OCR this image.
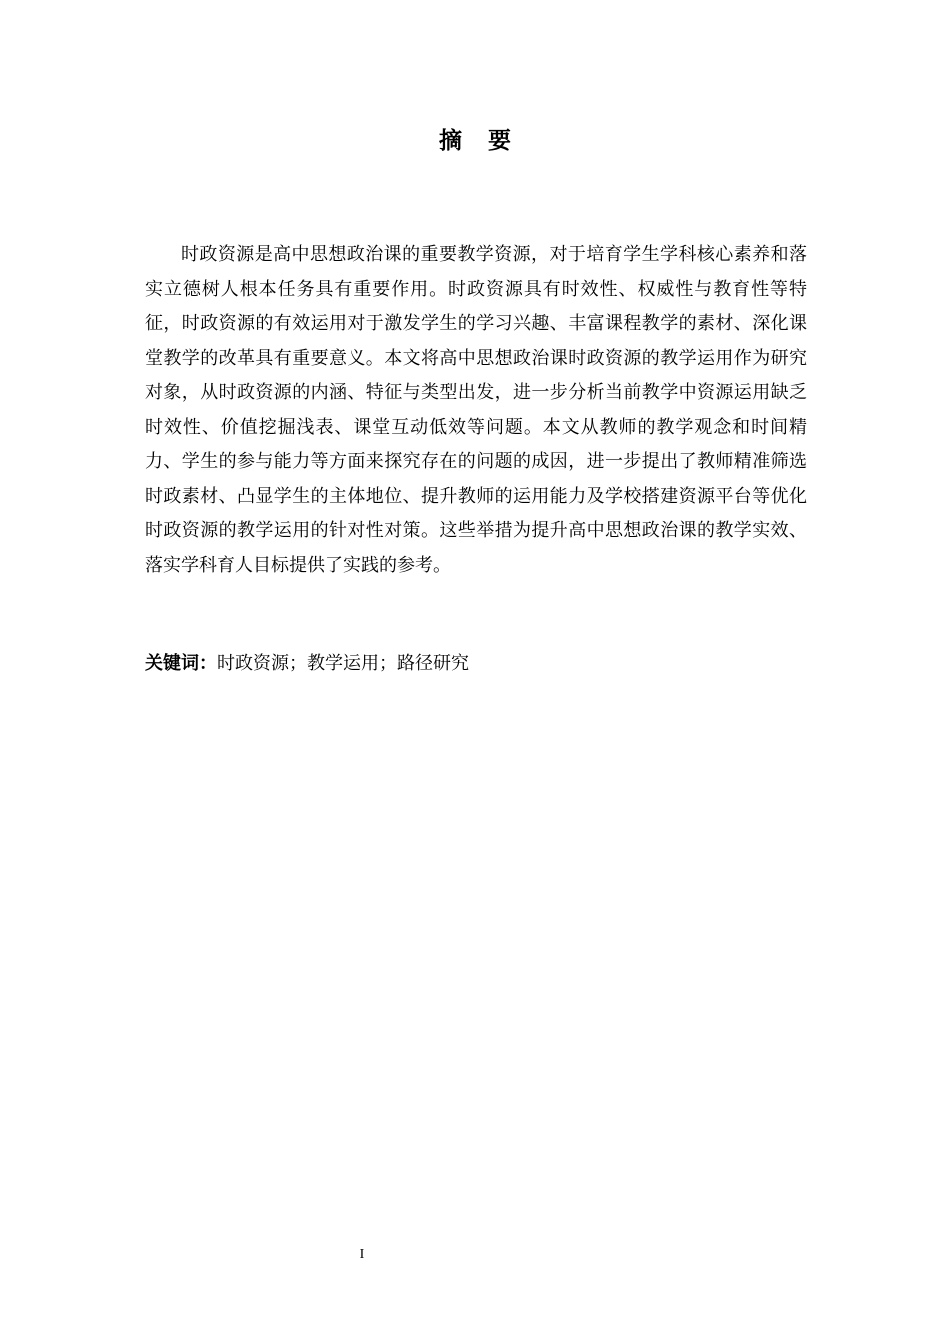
摘要

时政资源是高中思想政治课的重要教学资源，对于培育学生学科核心素养和落实立德树人根本任务具有重要作用。时政资源具有时效性、权威性与教育性等特征，时政资源的有效运用对于激发学生的学习兴趣、丰富课程教学的素材、深化课堂教学的改革具有重要意义。本文将高中思想政治课时政资源的教学运用作为研究对象，从时政资源的内涵、特征与类型出发，进一步分析当前教学中资源运用缺乏时效性、价值挖掘浅表、课堂互动低效等问题。本文从教师的教学观念和时间精力、学生的参与能力等方面来探究存在的问题的成因，进一步提出了教师精准筛选时政素材、凸显学生的主体地位、提升教师的运用能力及学校搭建资源平台等优化时政资源的教学运用的针对性对策。这些举措为提升高中思想政治课的教学实效、落实学科育人目标提供了实践的参考。

关键词：时政资源；教学运用；路径研究
I
